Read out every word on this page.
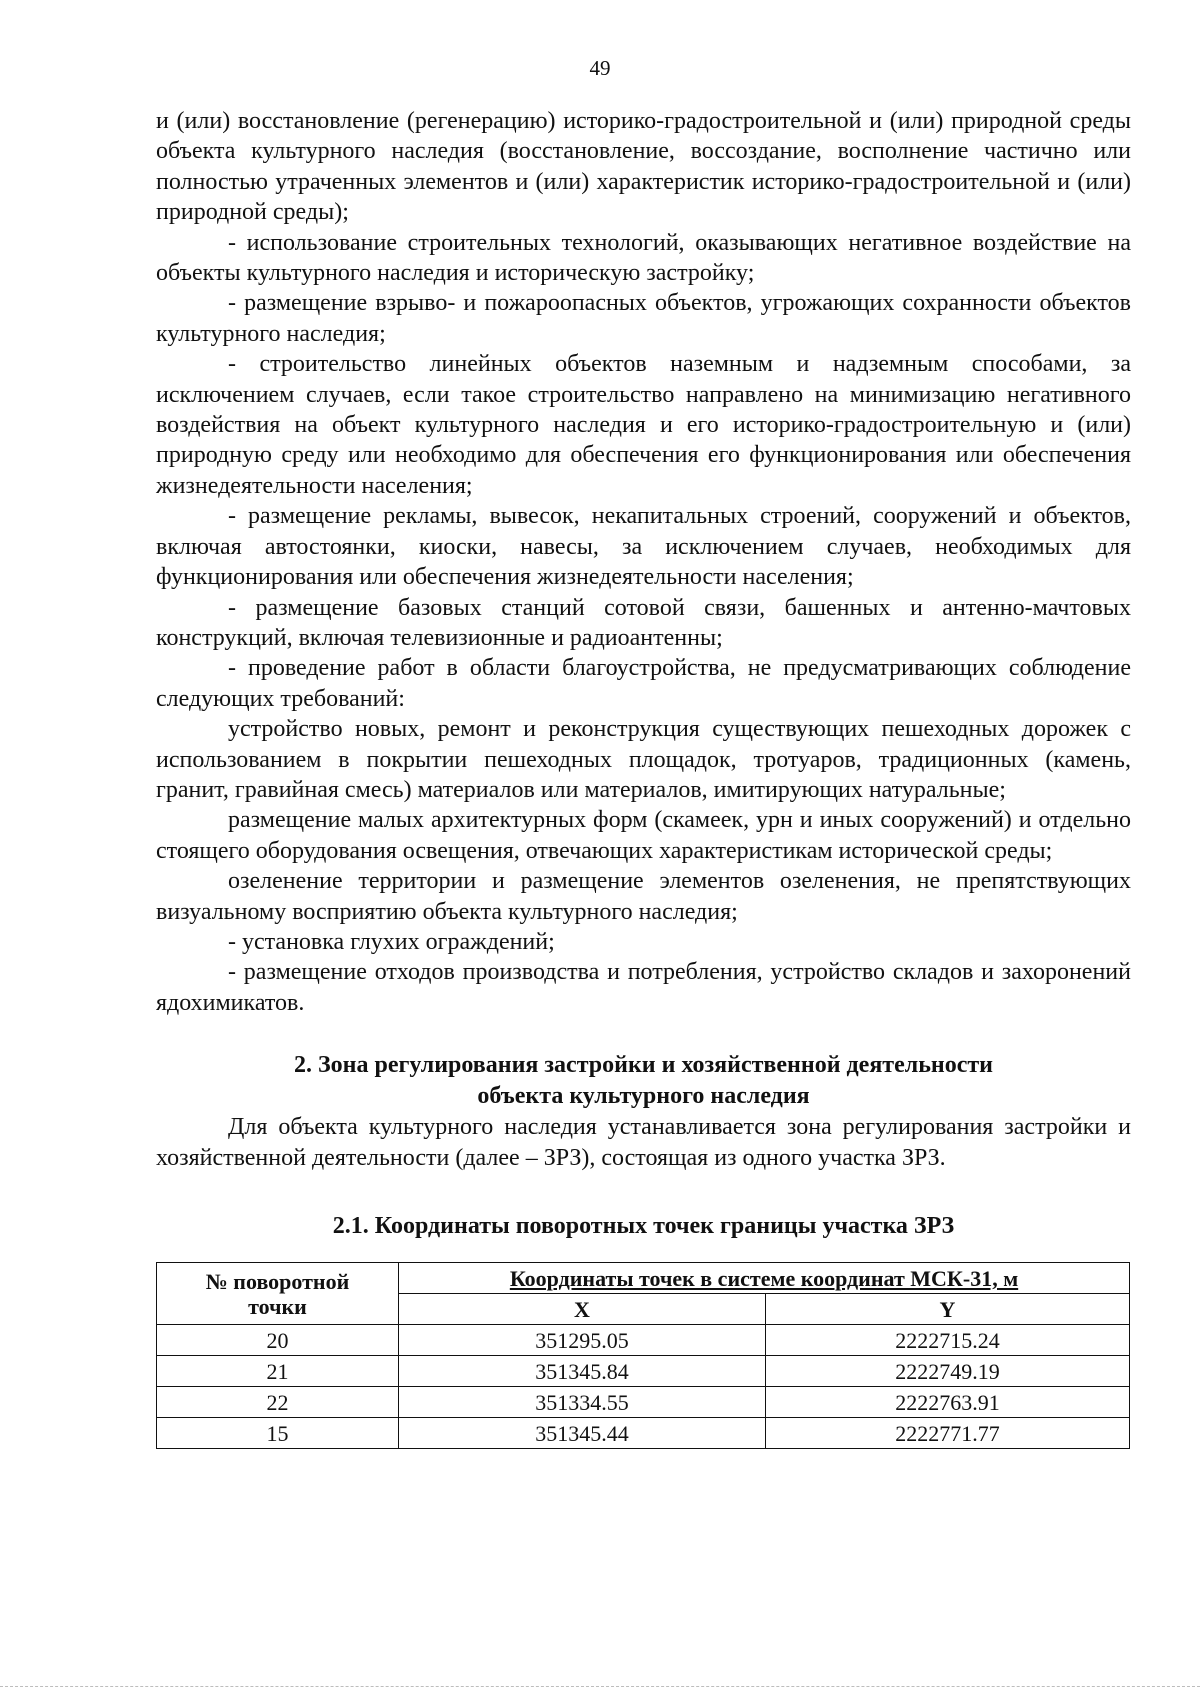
49

и (или) восстановление (регенерацию) историко-градостроительной и (или) природной среды объекта культурного наследия (восстановление, воссоздание, восполнение частично или полностью утраченных элементов и (или) характеристик историко-градостроительной и (или) природной среды);

- использование строительных технологий, оказывающих негативное воздействие на объекты культурного наследия и историческую застройку;

- размещение взрыво- и пожароопасных объектов, угрожающих сохранности объектов культурного наследия;

- строительство линейных объектов наземным и надземным способами, за исключением случаев, если такое строительство направлено на минимизацию негативного воздействия на объект культурного наследия и его историко-градостроительную и (или) природную среду или необходимо для обеспечения его функционирования или обеспечения жизнедеятельности населения;

- размещение рекламы, вывесок, некапитальных строений, сооружений и объектов, включая автостоянки, киоски, навесы, за исключением случаев, необходимых для функционирования или обеспечения жизнедеятельности населения;

- размещение базовых станций сотовой связи, башенных и антенно-мачтовых конструкций, включая телевизионные и радиоантенны;

- проведение работ в области благоустройства, не предусматривающих соблюдение следующих требований:

устройство новых, ремонт и реконструкция существующих пешеходных дорожек с использованием в покрытии пешеходных площадок, тротуаров, традиционных (камень, гранит, гравийная смесь) материалов или материалов, имитирующих натуральные;

размещение малых архитектурных форм (скамеек, урн и иных сооружений) и отдельно стоящего оборудования освещения, отвечающих характеристикам исторической среды;

озеленение территории и размещение элементов озеленения, не препятствующих визуальному восприятию объекта культурного наследия;

- установка глухих ограждений;

- размещение отходов производства и потребления, устройство складов и захоронений ядохимикатов.

2. Зона регулирования застройки и хозяйственной деятельности
объекта культурного наследия

Для объекта культурного наследия устанавливается зона регулирования застройки и хозяйственной деятельности (далее – ЗРЗ), состоящая из одного участка ЗРЗ.

2.1. Координаты поворотных точек границы участка ЗРЗ
№ поворотной
точки	Координаты точек в системе координат МСК-31, м	
	X	Y
20	351295.05	2222715.24
21	351345.84	2222749.19
22	351334.55	2222763.91
15	351345.44	2222771.77
